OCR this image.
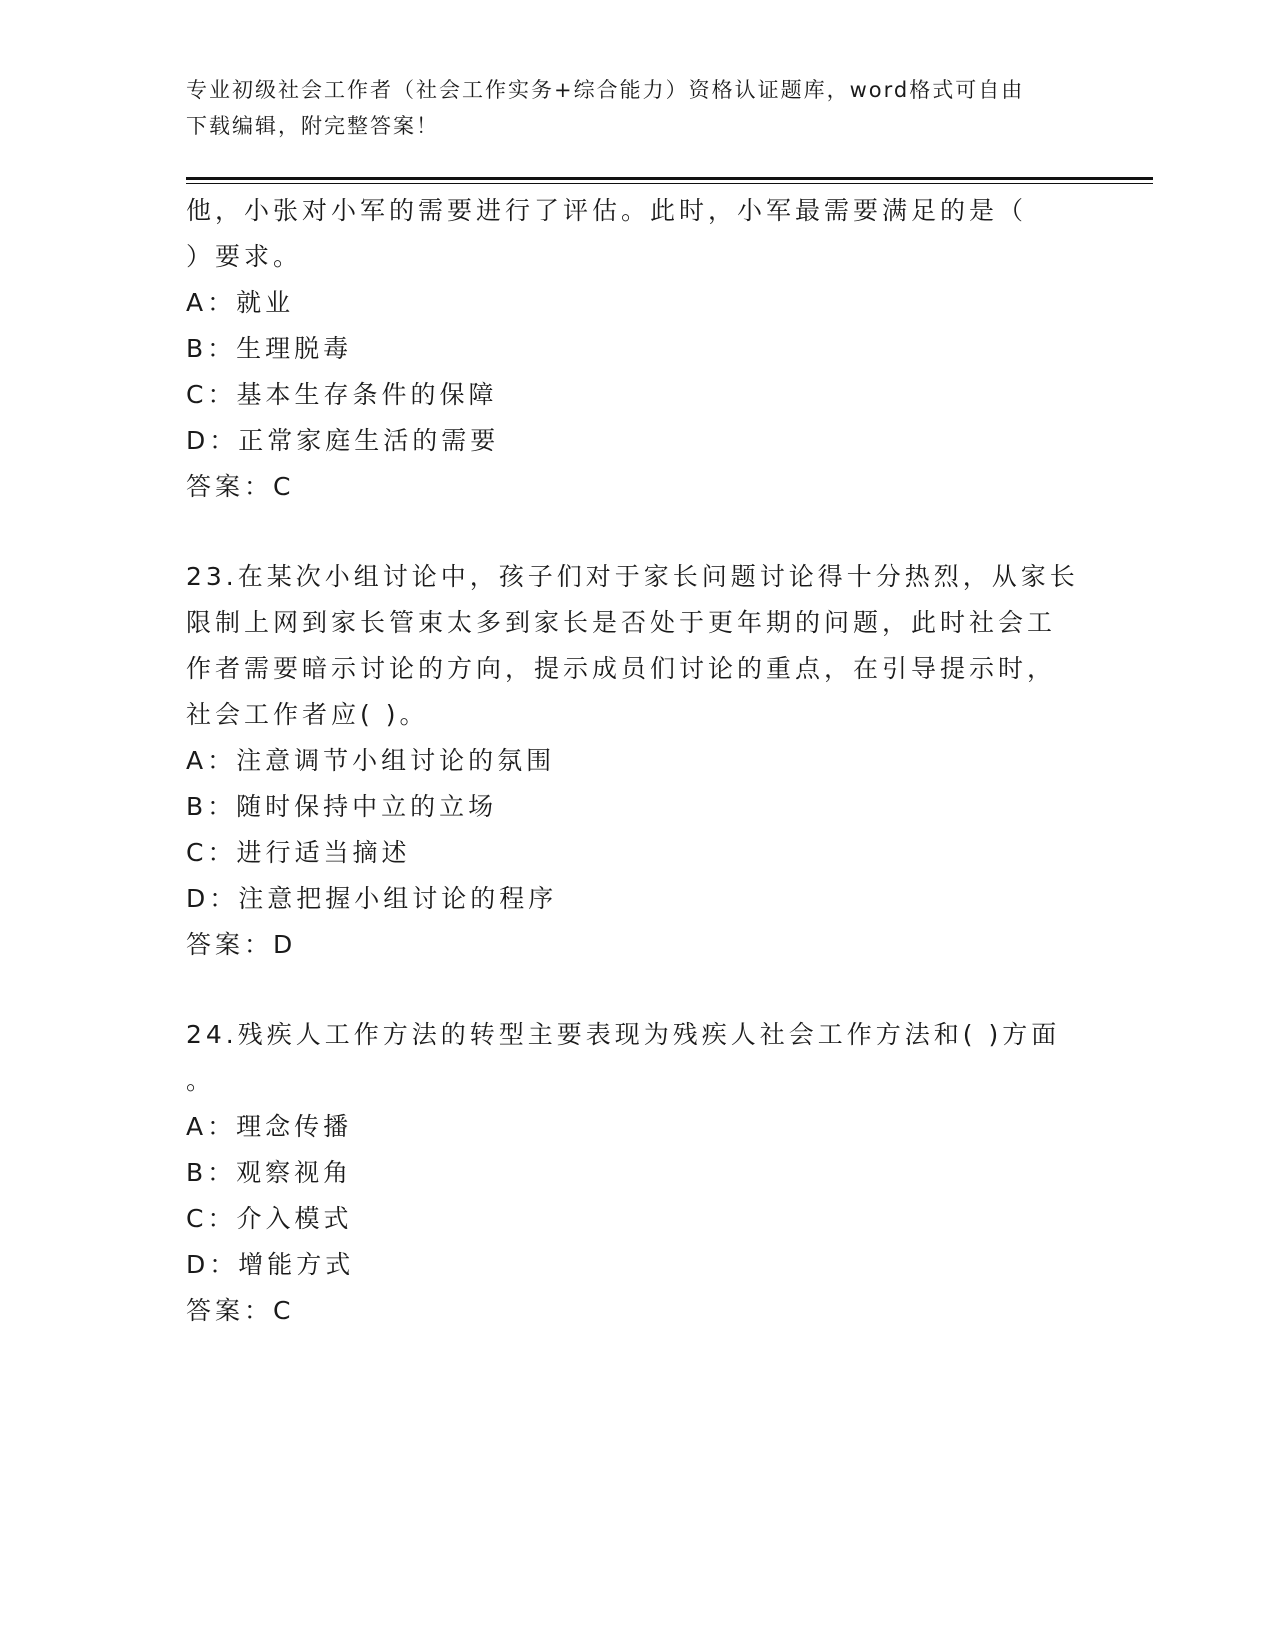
专业初级社会工作者（社会工作实务+综合能力）资格认证题库，word格式可自由
下载编辑，附完整答案！
他，小张对小军的需要进行了评估。此时，小军最需要满足的是（
）要求。
A：就业
B：生理脱毒
C：基本生存条件的保障
D：正常家庭生活的需要
答案：C
23.在某次小组讨论中，孩子们对于家长问题讨论得十分热烈，从家长
限制上网到家长管束太多到家长是否处于更年期的问题，此时社会工
作者需要暗示讨论的方向，提示成员们讨论的重点，在引导提示时，
社会工作者应( )。
A：注意调节小组讨论的氛围
B：随时保持中立的立场
C：进行适当摘述
D：注意把握小组讨论的程序
答案：D
24.残疾人工作方法的转型主要表现为残疾人社会工作方法和( )方面
。
A：理念传播
B：观察视角
C：介入模式
D：增能方式
答案：C
